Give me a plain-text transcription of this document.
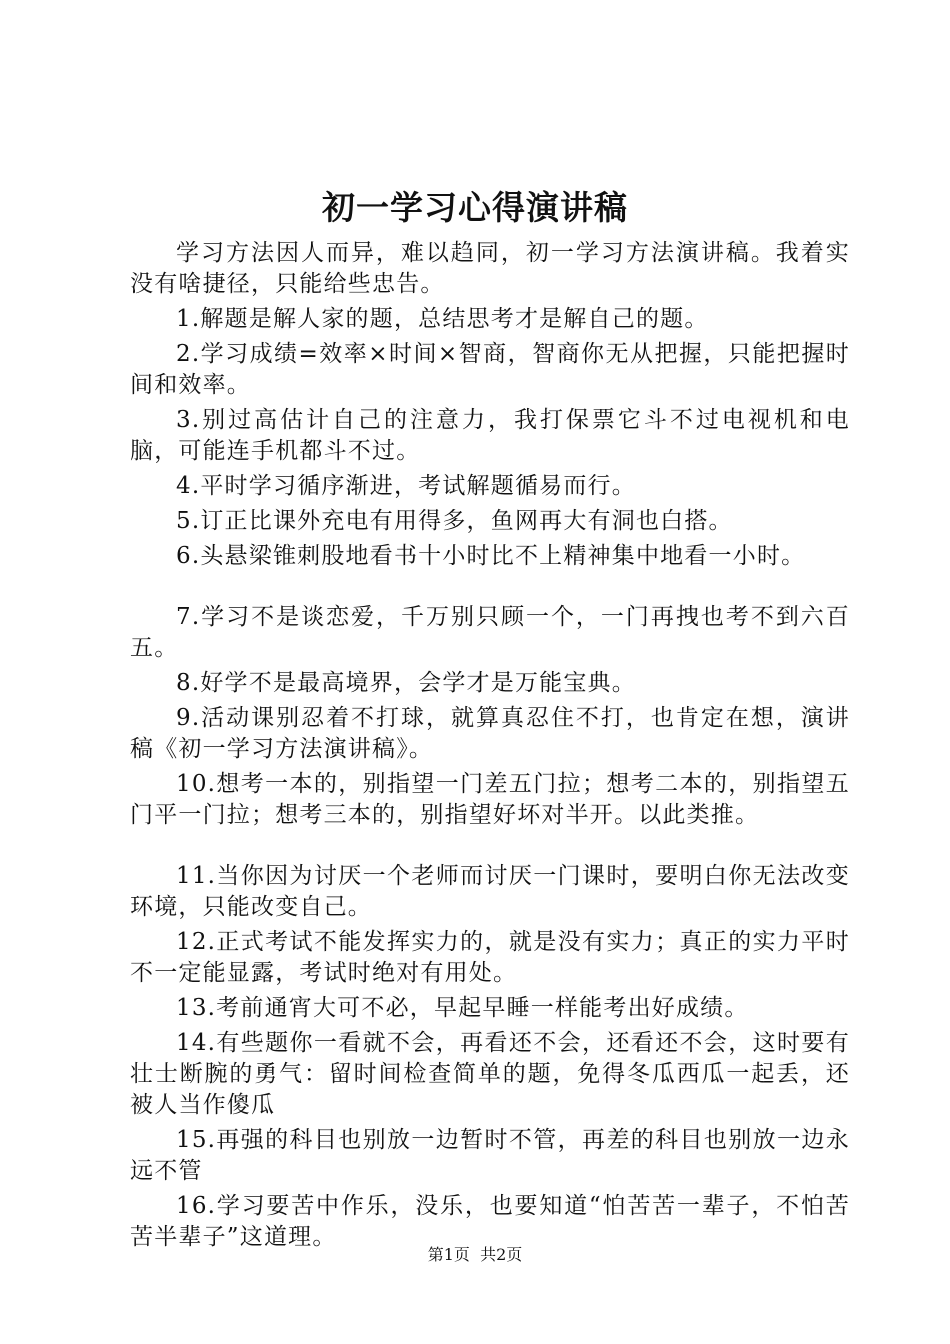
初一学习心得演讲稿

学习方法因人而异，难以趋同，初一学习方法演讲稿。我着实没有啥捷径，只能给些忠告。

1.解题是解人家的题，总结思考才是解自己的题。

2.学习成绩=效率×时间×智商，智商你无从把握，只能把握时间和效率。

3.别过高估计自己的注意力，我打保票它斗不过电视机和电脑，可能连手机都斗不过。

4.平时学习循序渐进，考试解题循易而行。

5.订正比课外充电有用得多，鱼网再大有洞也白搭。

6.头悬梁锥刺股地看书十小时比不上精神集中地看一小时。

7.学习不是谈恋爱，千万别只顾一个，一门再拽也考不到六百五。

8.好学不是最高境界，会学才是万能宝典。

9.活动课别忍着不打球，就算真忍住不打，也肯定在想，演讲稿《初一学习方法演讲稿》。

10.想考一本的，别指望一门差五门拉；想考二本的，别指望五门平一门拉；想考三本的，别指望好坏对半开。以此类推。

11.当你因为讨厌一个老师而讨厌一门课时，要明白你无法改变环境，只能改变自己。

12.正式考试不能发挥实力的，就是没有实力；真正的实力平时不一定能显露，考试时绝对有用处。

13.考前通宵大可不必，早起早睡一样能考出好成绩。

14.有些题你一看就不会，再看还不会，还看还不会，这时要有壮士断腕的勇气：留时间检查简单的题，免得冬瓜西瓜一起丢，还被人当作傻瓜

15.再强的科目也别放一边暂时不管，再差的科目也别放一边永远不管

16.学习要苦中作乐，没乐，也要知道“怕苦苦一辈子，不怕苦苦半辈子”这道理。

第1页 共2页
